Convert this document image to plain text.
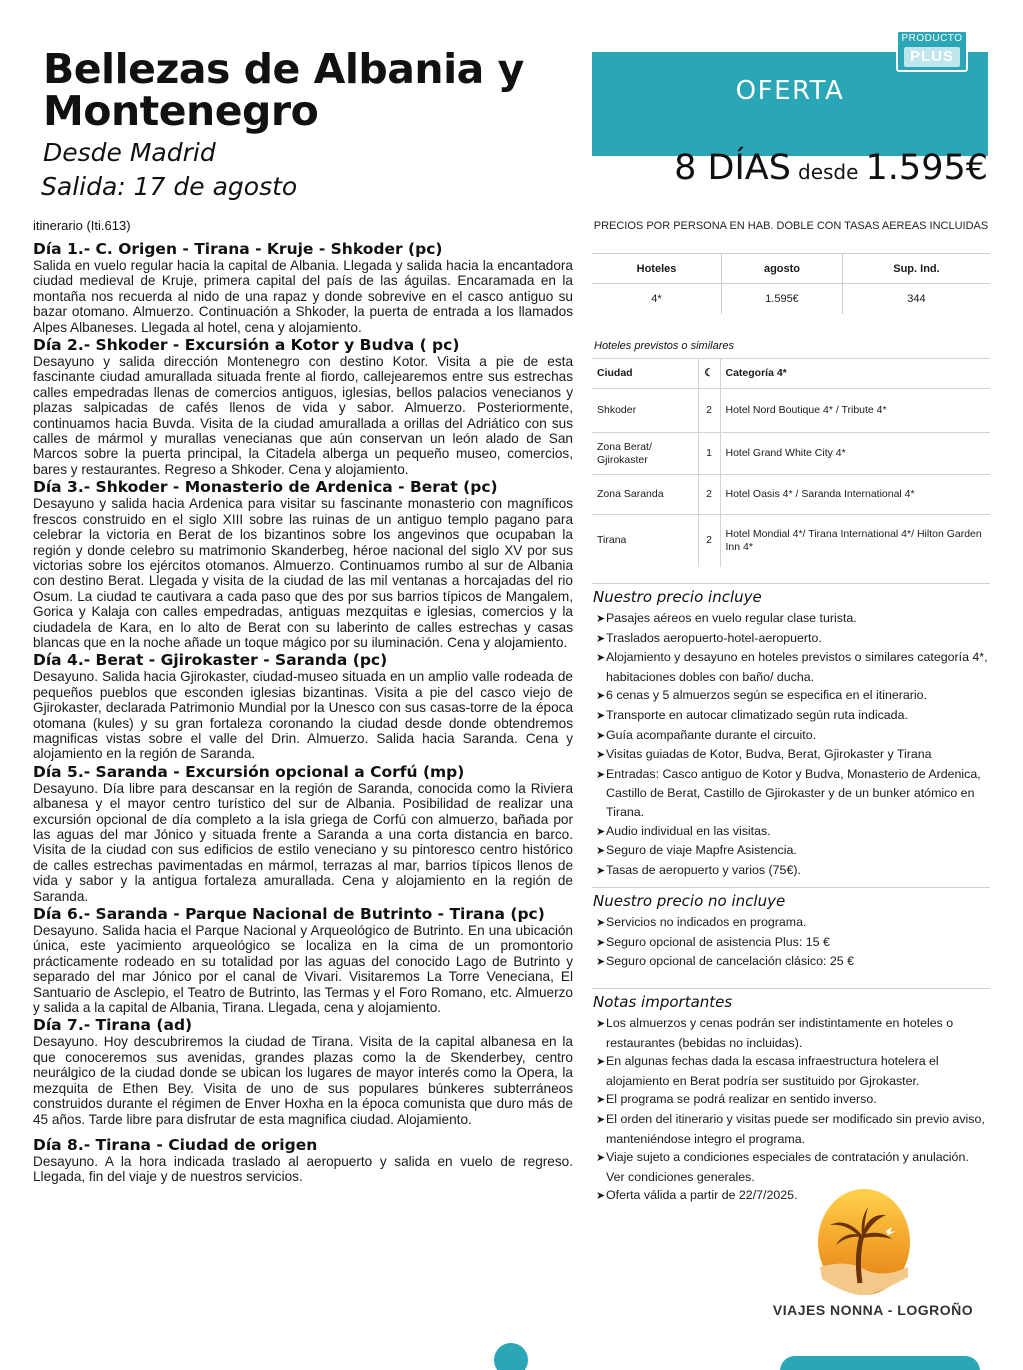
Bellezas de Albania y Montenegro
Desde Madrid
Salida: 17 de agosto
itinerario (Iti.613)
Día 1.- C. Origen - Tirana - Kruje - Shkoder (pc)
Salida en vuelo regular hacia la capital de Albania. Llegada y salida hacia la encantadora ciudad medieval de Kruje, primera capital del país de las águilas. Encaramada en la montaña nos recuerda al nido de una rapaz y donde sobrevive en el casco antiguo su bazar otomano. Almuerzo. Continuación a Shkoder, la puerta de entrada a los llamados Alpes Albaneses. Llegada al hotel, cena y alojamiento.
Día 2.- Shkoder - Excursión a Kotor y Budva ( pc)
Desayuno y salida dirección Montenegro con destino Kotor. Visita a pie de esta fascinante ciudad amurallada situada frente al fiordo, callejearemos entre sus estrechas calles empedradas llenas de comercios antiguos, iglesias, bellos palacios venecianos y plazas salpicadas de cafés llenos de vida y sabor. Almuerzo. Posteriormente, continuamos hacia Buvda. Visita de la ciudad amurallada a orillas del Adriático con sus calles de mármol y murallas venecianas que aún conservan un león alado de San Marcos sobre la puerta principal, la Citadela alberga un pequeño museo, comercios, bares y restaurantes. Regreso a Shkoder. Cena y alojamiento.
Día 3.- Shkoder - Monasterio de Ardenica - Berat (pc)
Desayuno y salida hacia Ardenica para visitar su fascinante monasterio con magníficos frescos construido en el siglo XIII sobre las ruinas de un antiguo templo pagano para celebrar la victoria en Berat de los bizantinos sobre los angevinos que ocupaban la región y donde celebro su matrimonio Skanderbeg, héroe nacional del siglo XV por sus victorias sobre los ejércitos otomanos. Almuerzo. Continuamos rumbo al sur de Albania con destino Berat. Llegada y visita de la ciudad de las mil ventanas a horcajadas del rio Osum. La ciudad te cautivara a cada paso que des por sus barrios típicos de Mangalem, Gorica y Kalaja con calles empedradas, antiguas mezquitas e iglesias, comercios y la ciudadela de Kara, en lo alto de Berat con su laberinto de calles estrechas y casas blancas que en la noche añade un toque mágico por su iluminación. Cena y alojamiento.
Día 4.- Berat - Gjirokaster - Saranda (pc)
Desayuno. Salida hacia Gjirokaster, ciudad-museo situada en un amplio valle rodeada de pequeños pueblos que esconden iglesias bizantinas. Visita a pie del casco viejo de Gjirokaster, declarada Patrimonio Mundial por la Unesco con sus casas-torre de la época otomana (kules) y su gran fortaleza coronando la ciudad desde donde obtendremos magnificas vistas sobre el valle del Drin. Almuerzo. Salida hacia Saranda. Cena y alojamiento en la región de Saranda.
Día 5.- Saranda - Excursión opcional a Corfú (mp)
Desayuno. Día libre para descansar en la región de Saranda, conocida como la Riviera albanesa y el mayor centro turístico del sur de Albania. Posibilidad de realizar una excursión opcional de día completo a la isla griega de Corfú con almuerzo, bañada por las aguas del mar Jónico y situada frente a Saranda a una corta distancia en barco. Visita de la ciudad con sus edificios de estilo veneciano y su pintoresco centro histórico de calles estrechas pavimentadas en mármol, terrazas al mar, barrios típicos llenos de vida y sabor y la antigua fortaleza amurallada. Cena y alojamiento en la región de Saranda.
Día 6.- Saranda - Parque Nacional de Butrinto - Tirana (pc)
Desayuno. Salida hacia el Parque Nacional y Arqueológico de Butrinto. En una ubicación única, este yacimiento arqueológico se localiza en la cima de un promontorio prácticamente rodeado en su totalidad por las aguas del conocido Lago de Butrinto y separado del mar Jónico por el canal de Vivari. Visitaremos La Torre Veneciana, El Santuario de Asclepio, el Teatro de Butrinto, las Termas y el Foro Romano, etc. Almuerzo y salida a la capital de Albania, Tirana. Llegada, cena y alojamiento.
Día 7.- Tirana (ad)
Desayuno. Hoy descubriremos la ciudad de Tirana. Visita de la capital albanesa en la que conoceremos sus avenidas, grandes plazas como la de Skenderbey, centro neurálgico de la ciudad donde se ubican los lugares de mayor interés como la Opera, la mezquita de Ethen Bey. Visita de uno de sus populares búnkeres subterráneos construidos durante el régimen de Enver Hoxha en la época comunista que duro más de 45 años. Tarde libre para disfrutar de esta magnifica ciudad. Alojamiento.
Día 8.- Tirana - Ciudad de origen
Desayuno. A la hora indicada traslado al aeropuerto y salida en vuelo de regreso. Llegada, fin del viaje y de nuestros servicios.
OFERTA
PRODUCTO
PLUS
8 DÍAS desde 1.595€
PRECIOS POR PERSONA EN HAB. DOBLE CON TASAS AEREAS INCLUIDAS
Hoteles	agosto	Sup. Ind.
4*	1.595€	344
Hoteles previstos o similares
Ciudad	☾	Categoría 4*
Shkoder	2	Hotel Nord Boutique 4* / Tribute 4*
Zona Berat/ Gjirokaster	1	Hotel Grand White City 4*
Zona Saranda	2	Hotel Oasis 4* / Saranda International 4*
Tirana	2	Hotel Mondial 4*/ Tirana International 4*/ Hilton Garden Inn 4*
Nuestro precio incluye
➤Pasajes aéreos en vuelo regular clase turista.
➤Traslados aeropuerto-hotel-aeropuerto.
➤Alojamiento y desayuno en hoteles previstos o similares categoría 4*, habitaciones dobles con baño/ ducha.
➤6 cenas y 5 almuerzos según se especifica en el itinerario.
➤Transporte en autocar climatizado según ruta indicada.
➤Guía acompañante durante el circuito.
➤Visitas guiadas de Kotor, Budva, Berat, Gjirokaster y Tirana
➤Entradas: Casco antiguo de Kotor y Budva, Monasterio de Ardenica, Castillo de Berat, Castillo de Gjirokaster y de un bunker atómico en Tirana.
➤Audio individual en las visitas.
➤Seguro de viaje Mapfre Asistencia.
➤Tasas de aeropuerto y varios (75€).
Nuestro precio no incluye
➤Servicios no indicados en programa.
➤Seguro opcional de asistencia Plus: 15 €
➤Seguro opcional de cancelación clásico: 25 €
Notas importantes
➤Los almuerzos y cenas podrán ser indistintamente en hoteles o restaurantes (bebidas no incluidas).
➤En algunas fechas dada la escasa infraestructura hotelera el alojamiento en Berat podría ser sustituido por Gjrokaster.
➤El programa se podrá realizar en sentido inverso.
➤El orden del itinerario y visitas puede ser modificado sin previo aviso, manteniéndose integro el programa.
➤Viaje sujeto a condiciones especiales de contratación y anulación. Ver condiciones generales.
➤Oferta válida a partir de 22/7/2025.
VIAJES NONNA - LOGROÑO
